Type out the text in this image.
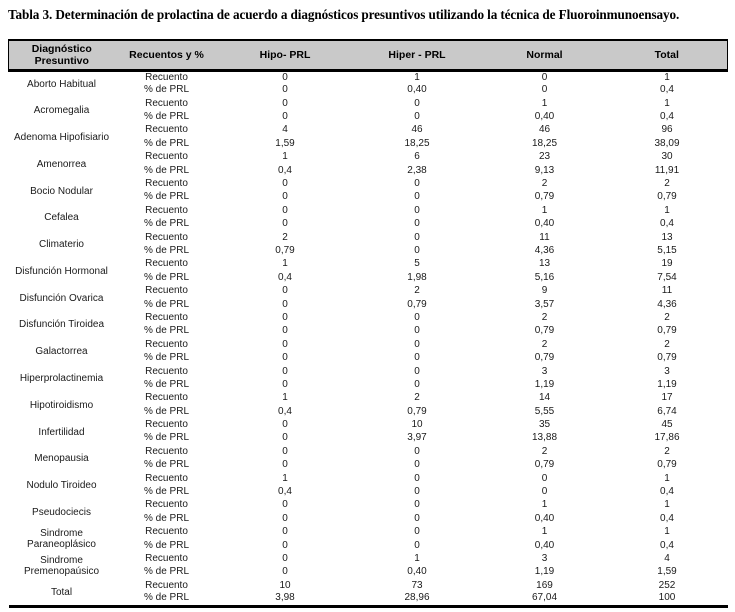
Tabla 3. Determinación de prolactina de acuerdo a diagnósticos presuntivos utilizando la técnica de Fluoroinmunoensayo.
Diagnóstico Presuntivo	Recuentos y %	Hipo- PRL	Hiper - PRL	Normal	Total
Aborto Habitual	Recuento	0	1	0	1
	% de PRL	0	0,40	0	0,4
Acromegalia	Recuento	0	0	1	1
	% de PRL	0	0	0,40	0,4
Adenoma Hipofisiario	Recuento	4	46	46	96
	% de PRL	1,59	18,25	18,25	38,09
Amenorrea	Recuento	1	6	23	30
	% de PRL	0,4	2,38	9,13	11,91
Bocio Nodular	Recuento	0	0	2	2
	% de PRL	0	0	0,79	0,79
Cefalea	Recuento	0	0	1	1
	% de PRL	0	0	0,40	0,4
Climaterio	Recuento	2	0	11	13
	% de PRL	0,79	0	4,36	5,15
Disfunción Hormonal	Recuento	1	5	13	19
	% de PRL	0,4	1,98	5,16	7,54
Disfunción Ovarica	Recuento	0	2	9	11
	% de PRL	0	0,79	3,57	4,36
Disfunción Tiroidea	Recuento	0	0	2	2
	% de PRL	0	0	0,79	0,79
Galactorrea	Recuento	0	0	2	2
	% de PRL	0	0	0,79	0,79
Hiperprolactinemia	Recuento	0	0	3	3
	% de PRL	0	0	1,19	1,19
Hipotiroidismo	Recuento	1	2	14	17
	% de PRL	0,4	0,79	5,55	6,74
Infertilidad	Recuento	0	10	35	45
	% de PRL	0	3,97	13,88	17,86
Menopausia	Recuento	0	0	2	2
	% de PRL	0	0	0,79	0,79
Nodulo Tiroideo	Recuento	1	0	0	1
	% de PRL	0,4	0	0	0,4
Pseudociecis	Recuento	0	0	1	1
	% de PRL	0	0	0,40	0,4
Sindrome Paraneoplásico	Recuento	0	0	1	1
	% de PRL	0	0	0,40	0,4
Sindrome Premenopaúsico	Recuento	0	1	3	4
	% de PRL	0	0,40	1,19	1,59
Total	Recuento	10	73	169	252
	% de PRL	3,98	28,96	67,04	100
